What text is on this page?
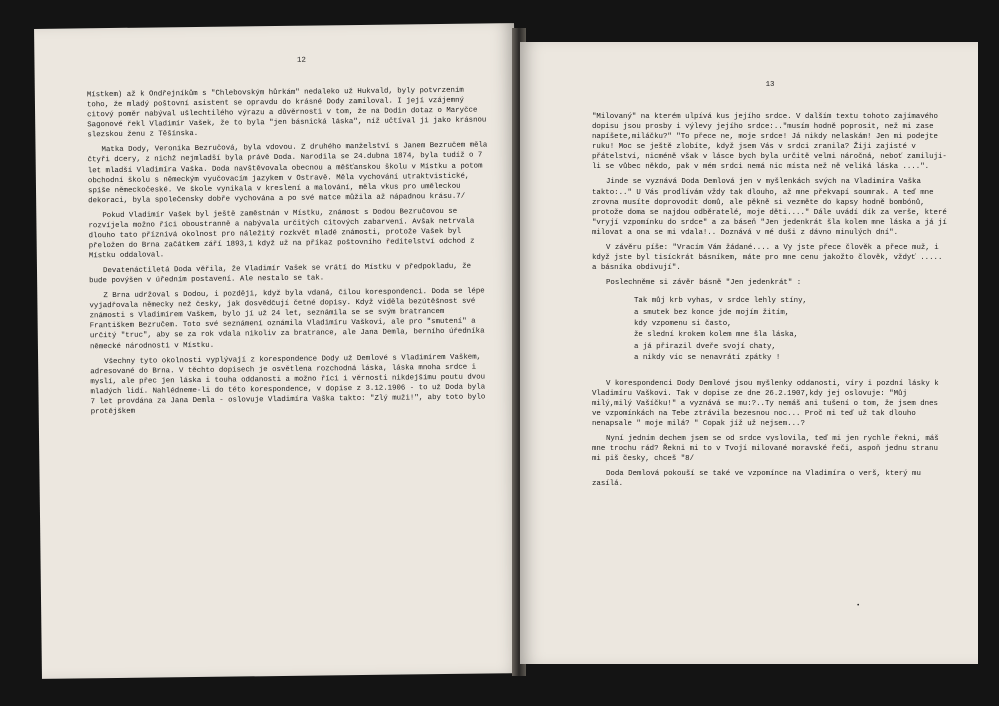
12

Místkem) až k Ondřejníkům s "Chlebovským hůrkám" nedaleko už Hukvald, byly potvrzením toho, že mladý poštovní asistent se opravdu do krásné Dody zamiloval. I její vzájemný citový poměr nabýval ušlechtilého výrazu a důvěrnosti v tom, že na Dodin dotaz o Maryčce Sagonové řekl Vladimír Vašek, že to byla "jen básnická láska", níž učtíval ji jako krásnou slezskou ženu z Těšínska.

Matka Dody, Veronika Bezručová, byla vdovou. Z druhého manželství s Janem Bezručem měla čtyři dcery, z nichž nejmladší byla právě Doda. Narodila se 24.dubna 1874, byla tudíž o 7 let mladší Vladimíra Vaška. Doda navštěvovala obecnou a měšťanskou školu v Místku a potom obchodní školu s německým vyučovacím jazykem v Ostravě. Měla vychování utraktvistické, spíše německočeské. Ve škole vynikala v kreslení a malování, měla vkus pro uměleckou dekoraci, byla společensky dobře vychována a po své matce můžila až nápadnou krásu.7/

Pokud Vladimír Vašek byl ještě zaměstnán v Místku, známost s Dodou Bezručovou se rozvíjela možno říci oboustranně a nabývala určitých citových zabarvení. Avšak netrvala dlouho tato příznivá okolnost pro náležitý rozkvět mladé známosti, protože Vašek byl přeložen do Brna začátkem září 1893,1 když už na příkaz poštovního ředitelství odchod z Místku oddaloval.

Devatenáctiletá Doda věřila, že Vladimír Vašek se vrátí do Místku v předpokladu, že bude povýšen v úředním postavení. Ale nestalo se tak.

Z Brna udržoval s Dodou, i později, když byla vdaná, čilou korespondenci. Doda se lépe vyjadřovala německy než česky, jak dosvědčují četné dopisy. Když viděla bezútěšnost své známosti s Vladimírem Vaškem, bylo jí už 24 let, seznámila se se svým bratrancem Františkem Bezručem. Toto své seznámení oznámila Vladimíru Vaškovi, ale pro "smutení" a určitý "truc", aby se za rok vdala nikoliv za bratrance, ale Jana Demla, berního úředníka německé národnosti v Místku.

Všechny tyto okolnosti vyplývají z korespondence Dody už Demlové s Vladimírem Vaškem, adresované do Brna. V těchto dopisech je osvětlena rozchodná láska, láska mnoha srdce i myslí, ale přec jen láska i touha oddanosti a možno říci i věrnosti nikdejšímu poutu dvou mladých lidí. Nahlédneme-li do této korespondence, v dopise z 3.12.1906 - to už Doda byla 7 let provdána za Jana Demla - oslovuje Vladimíra Vaška takto: "Zlý muži!", aby toto bylo protějškem

13

"Milovaný" na kterém ulpívá kus jejího srdce. V dalším textu tohoto zajímavého dopisu jsou prosby i výlevy jejího srdce:.."musím hodně poprosit, než mi zase napíšete,miláčku?" "To přece ne, moje srdce! Já nikdy nelaskám! Jen mi podejte ruku! Moc se ještě zlobíte, když jsem Vás v srdci zranila? Žiji zajisté v přátelství, nicméně však v lásce bych byla určitě velmi náročná, neboť zamiluji-li se vůbec někdo, pak v mém srdci nemá nic místa než ně veliká láska ....".

Jinde se vyznává Doda Demlová jen v myšlenkách svých na Vladimíra Vaška takto:.." U Vás prodlívám vždy tak dlouho, až mne překvapí soumrak. A teď mne zrovna musíte doprovodit domů, ale pěkně si vezměte do kapsy hodně bombónů, protože doma se najdou odběratelé, moje děti...." Dále uvádí dík za verše, které "vryjí vzpomínku do srdce" a za báseň "Jen jedenkrát šla kolem mne láska a já jí milovat a ona se mi vdala!.. Doznává v mé duši z dávno minulých dní".

V závěru píše: "Vracím Vám žádané.... a Vy jste přece člověk a přece muž, i když jste byl tisíckrát básníkem, máte pro mne cenu jakožto člověk, vždyť ..... a básníka obdivují".

Poslechněme si závěr básně "Jen jedenkrát" :

Tak můj krb vyhas, v srdce lehly stíny,
a smutek bez konce jde mojím žitím,
kdy vzpomenu si často,
že slední krokem kolem mne šla láska,
a já přirazil dveře svojí chaty,
a nikdy víc se nenavrátí zpátky !

V korespondenci Dody Demlové jsou myšlenky oddanosti, víry i pozdní lásky k Vladimíru Vaškovi. Tak v dopise ze dne 26.2.1907,kdy jej oslovuje: "Můj milý,milý Vašíčku!" a vyznává se mu:?..Ty nemáš ani tušení o tom, že jsem dnes ve vzpomínkách na Tebe ztrávila bezesnou noc... Proč mi teď už tak dlouho nenapsale " moje milá? " Copak jíž už nejsem...?

Nyní jedním dechem jsem se od srdce vyslovila, teď mi jen rychle řekni, máš mne trochu rád? Řekni mi to v Tvojí milované moravské řeči, aspoň jednu stranu mi piš česky, chceš "8/

Doda Demlová pokouší se také ve vzpomínce na Vladimíra o verš, který mu zasílá.

•
